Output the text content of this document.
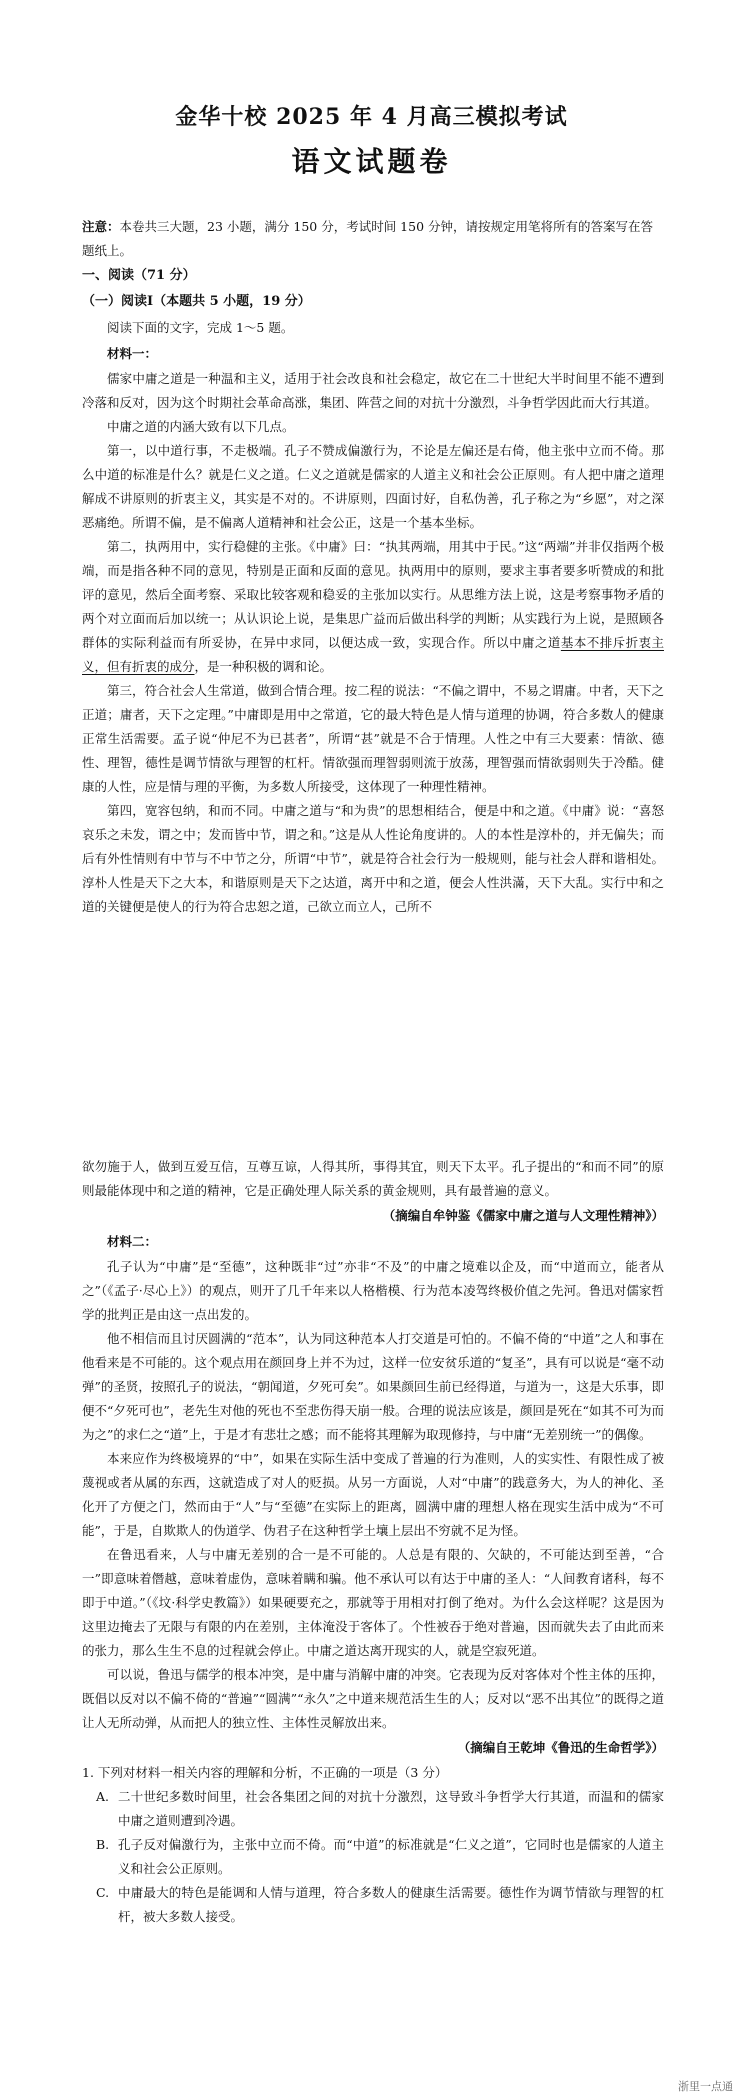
金华十校 2025 年 4 月高三模拟考试
语文试题卷
注意：本卷共三大题，23 小题，满分 150 分，考试时间 150 分钟，请按规定用笔将所有的答案写在答题纸上。
一、阅读（71 分）
（一）阅读Ⅰ（本题共 5 小题，19 分）
阅读下面的文字，完成 1～5 题。
材料一：

儒家中庸之道是一种温和主义，适用于社会改良和社会稳定，故它在二十世纪大半时间里不能不遭到冷落和反对，因为这个时期社会革命高涨，集团、阵营之间的对抗十分激烈，斗争哲学因此而大行其道。

中庸之道的内涵大致有以下几点。

第一，以中道行事，不走极端。孔子不赞成偏激行为，不论是左偏还是右倚，他主张中立而不倚。那么中道的标准是什么？就是仁义之道。仁义之道就是儒家的人道主义和社会公正原则。有人把中庸之道理解成不讲原则的折衷主义，其实是不对的。不讲原则，四面讨好，自私伪善，孔子称之为“乡愿”，对之深恶痛绝。所谓不偏，是不偏离人道精神和社会公正，这是一个基本坐标。

第二，执两用中，实行稳健的主张。《中庸》曰：“执其两端，用其中于民。”这“两端”并非仅指两个极端，而是指各种不同的意见，特别是正面和反面的意见。执两用中的原则，要求主事者要多听赞成的和批评的意见，然后全面考察、采取比较客观和稳妥的主张加以实行。从思维方法上说，这是考察事物矛盾的两个对立面而后加以统一；从认识论上说，是集思广益而后做出科学的判断；从实践行为上说，是照顾各群体的实际利益而有所妥协，在异中求同，以便达成一致，实现合作。所以中庸之道基本不排斥折衷主义，但有折衷的成分，是一种积极的调和论。

第三，符合社会人生常道，做到合情合理。按二程的说法：“不偏之谓中，不易之谓庸。中者，天下之正道；庸者，天下之定理。”中庸即是用中之常道，它的最大特色是人情与道理的协调，符合多数人的健康正常生活需要。孟子说“仲尼不为已甚者”，所谓“甚”就是不合于情理。人性之中有三大要素：情欲、德性、理智，德性是调节情欲与理智的杠杆。情欲强而理智弱则流于放荡，理智强而情欲弱则失于冷酷。健康的人性，应是情与理的平衡，为多数人所接受，这体现了一种理性精神。

第四，宽容包纳，和而不同。中庸之道与“和为贵”的思想相结合，便是中和之道。《中庸》说：“喜怒哀乐之未发，谓之中；发而皆中节，谓之和。”这是从人性论角度讲的。人的本性是淳朴的，并无偏失；而后有外性情则有中节与不中节之分，所谓“中节”，就是符合社会行为一般规则，能与社会人群和谐相处。淳朴人性是天下之大本，和谐原则是天下之达道，离开中和之道，便会人性洪滿，天下大乱。实行中和之道的关键便是使人的行为符合忠恕之道，己欲立而立人，己所不

欲勿施于人，做到互爱互信，互尊互谅，人得其所，事得其宜，则天下太平。孔子提出的“和而不同”的原则最能体现中和之道的精神，它是正确处理人际关系的黄金规则，具有最普遍的意义。

（摘编自牟钟鉴《儒家中庸之道与人文理性精神》）
材料二：

孔子认为“中庸”是“至德”，这种既非“过”亦非“不及”的中庸之境难以企及，而“中道而立，能者从之”（《孟子·尽心上》）的观点，则开了几千年来以人格楷模、行为范本凌驾终极价值之先河。鲁迅对儒家哲学的批判正是由这一点出发的。

他不相信而且讨厌圆满的“范本”，认为同这种范本人打交道是可怕的。不偏不倚的“中道”之人和事在他看来是不可能的。这个观点用在颜回身上并不为过，这样一位安贫乐道的“复圣”，具有可以说是“毫不动弹”的圣贤，按照孔子的说法，“朝闻道，夕死可矣”。如果颜回生前已经得道，与道为一，这是大乐事，即便不“夕死可也”，老先生对他的死也不至悲伤得天崩一般。合理的说法应该是，颜回是死在“如其不可为而为之”的求仁之“道”上，于是才有悲壮之感；而不能将其理解为取现修持，与中庸“无差别统一”的偶像。

本来应作为终极境界的“中”，如果在实际生活中变成了普遍的行为准则，人的实实性、有限性成了被蔑视或者从属的东西，这就造成了对人的贬损。从另一方面说，人对“中庸”的践意务大，为人的神化、圣化开了方便之门，然而由于“人”与“至德”在实际上的距离，圆满中庸的理想人格在现实生活中成为“不可能”，于是，自欺欺人的伪道学、伪君子在这种哲学土壤上层出不穷就不足为怪。

在鲁迅看来，人与中庸无差别的合一是不可能的。人总是有限的、欠缺的，不可能达到至善，“合一”即意味着僭越，意味着虚伪，意味着瞒和骗。他不承认可以有达于中庸的圣人：“人间教育诸科，每不即于中道。”（《坟·科学史教篇》）如果硬要充之，那就等于用相对打倒了绝对。为什么会这样呢？这是因为这里边掩去了无限与有限的内在差别，主体淹没于客体了。个性被吞于绝对普遍，因而就失去了由此而来的张力，那么生生不息的过程就会停止。中庸之道达离开现实的人，就是空寂死道。

可以说，鲁迅与儒学的根本冲突，是中庸与消解中庸的冲突。它表现为反对客体对个性主体的压抑，既倡以反对以不偏不倚的“普遍”“圆满”“永久”之中道来规范活生生的人；反对以“恶不出其位”的既得之道让人无所动弹，从而把人的独立性、主体性灵解放出来。

（摘编自王乾坤《鲁迅的生命哲学》）
1. 下列对材料一相关内容的理解和分析，不正确的一项是（3 分）
A. 二十世纪多数时间里，社会各集团之间的对抗十分激烈，这导致斗争哲学大行其道，而温和的儒家中庸之道则遭到冷遇。
B. 孔子反对偏激行为，主张中立而不倚。而“中道”的标准就是“仁义之道”，它同时也是儒家的人道主义和社会公正原则。
C. 中庸最大的特色是能调和人情与道理，符合多数人的健康生活需要。德性作为调节情欲与理智的杠杆，被大多数人接受。
浙里一点通
